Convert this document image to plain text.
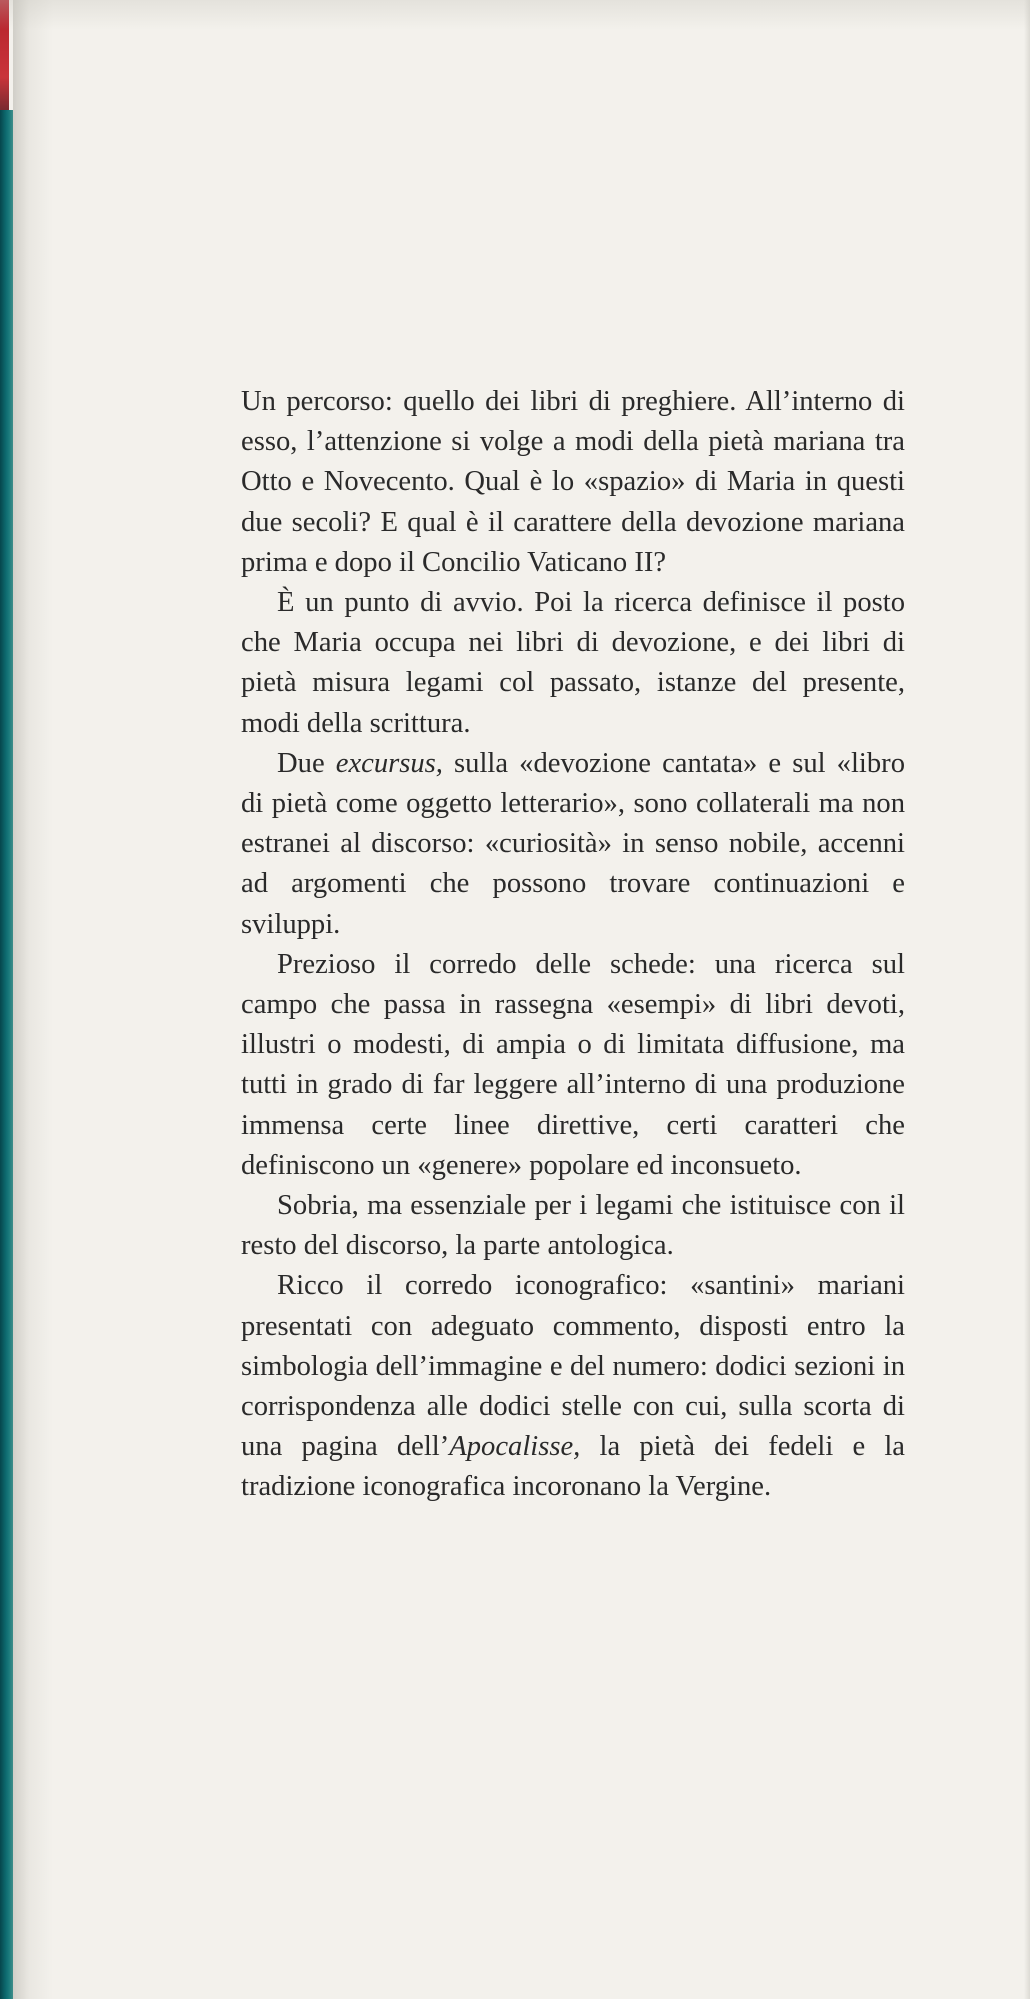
Un percorso: quello dei libri di preghiere. All’interno di esso, l’attenzione si volge a modi della pietà mariana tra Otto e Novecento. Qual è lo «spazio» di Maria in questi due secoli? E qual è il carattere della devozione mariana prima e dopo il Concilio Vaticano II?

È un punto di avvio. Poi la ricerca definisce il posto che Maria occupa nei libri di devozione, e dei libri di pietà misura legami col passato, istanze del presente, modi della scrittura.

Due excursus, sulla «devozione cantata» e sul «libro di pietà come oggetto letterario», sono collaterali ma non estranei al discorso: «curiosità» in senso nobile, accenni ad argomenti che possono trovare continuazioni e sviluppi.

Prezioso il corredo delle schede: una ricerca sul campo che passa in rassegna «esempi» di libri devoti, illustri o modesti, di ampia o di limitata diffusione, ma tutti in grado di far leggere all’interno di una produzione immensa certe linee direttive, certi caratteri che definiscono un «genere» popolare ed inconsueto.

Sobria, ma essenziale per i legami che istituisce con il resto del discorso, la parte antologica.

Ricco il corredo iconografico: «santini» mariani presentati con adeguato commento, disposti entro la simbologia dell’immagine e del numero: dodici sezioni in corrispondenza alle dodici stelle con cui, sulla scorta di una pagina dell’Apocalisse, la pietà dei fedeli e la tradizione iconografica incoronano la Vergine.
